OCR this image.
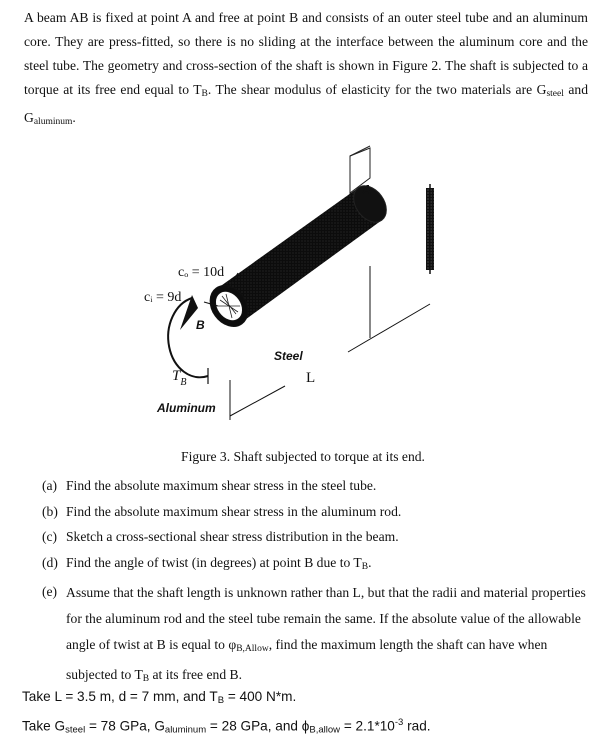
A beam AB is fixed at point A and free at point B and consists of an outer steel tube and an aluminum core. They are press-fitted, so there is no sliding at the interface between the aluminum core and the steel tube. The geometry and cross-section of the shaft is shown in Figure 2. The shaft is subjected to a torque at its free end equal to $T_B$. The shear modulus of elasticity for the two materials are $G_{steel}$ and $G_{aluminum}$.
A
B
cₒ = 10d
cᵢ = 9d
Steel
Aluminum
L
$T_B$
Figure 3. Shaft subjected to torque at its end.
(a) Find the absolute maximum shear stress in the steel tube.
(b) Find the absolute maximum shear stress in the aluminum rod.
(c) Sketch a cross-sectional shear stress distribution in the beam.
(d) Find the angle of twist (in degrees) at point B due to $T_B$.
(e) Assume that the shaft length is unknown rather than L, but that the radii and material properties for the aluminum rod and the steel tube remain the same. If the absolute value of the allowable angle of twist at B is equal to $\varphi_{B,Allow}$, find the maximum length the shaft can have when subjected to $T_B$ at its free end B.
Take L = 3.5 m, d = 7 mm, and $T_B = 400$ N*m.
Take $G_{steel} = 78$ GPa, $G_{aluminum} = 28$ GPa, and $\phi_{B,allow} = 2.1*10^{-3}$ rad.
